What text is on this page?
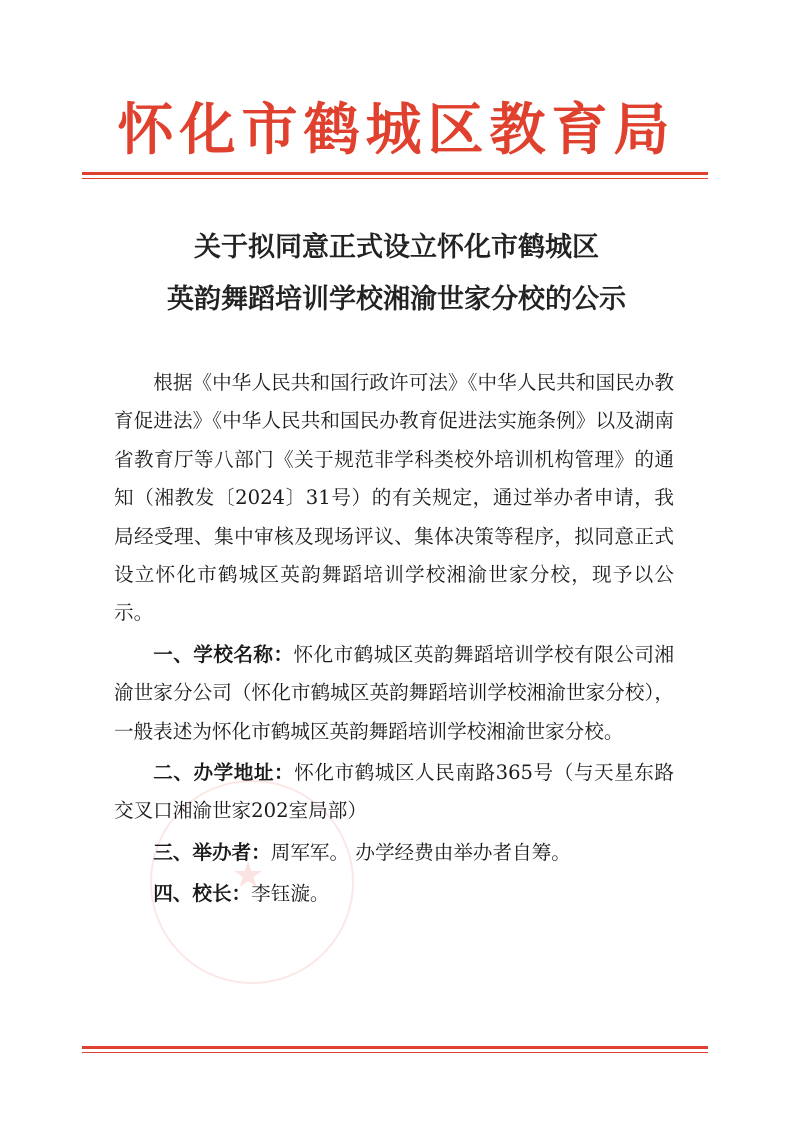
怀化市鹤城区教育局
关于拟同意正式设立怀化市鹤城区
英韵舞蹈培训学校湘渝世家分校的公示
★

根据《中华人民共和国行政许可法》《中华人民共和国民办教育促进法》《中华人民共和国民办教育促进法实施条例》以及湖南省教育厅等八部门《关于规范非学科类校外培训机构管理》的通知（湘教发〔2024〕31号）的有关规定，通过举办者申请，我局经受理、集中审核及现场评议、集体决策等程序，拟同意正式设立怀化市鹤城区英韵舞蹈培训学校湘渝世家分校，现予以公示。

一、学校名称：怀化市鹤城区英韵舞蹈培训学校有限公司湘渝世家分公司（怀化市鹤城区英韵舞蹈培训学校湘渝世家分校），一般表述为怀化市鹤城区英韵舞蹈培训学校湘渝世家分校。

二、办学地址：怀化市鹤城区人民南路365号（与天星东路交叉口湘渝世家202室局部）

三、举办者：周军军。 办学经费由举办者自筹。

四、校长：李钰漩。
